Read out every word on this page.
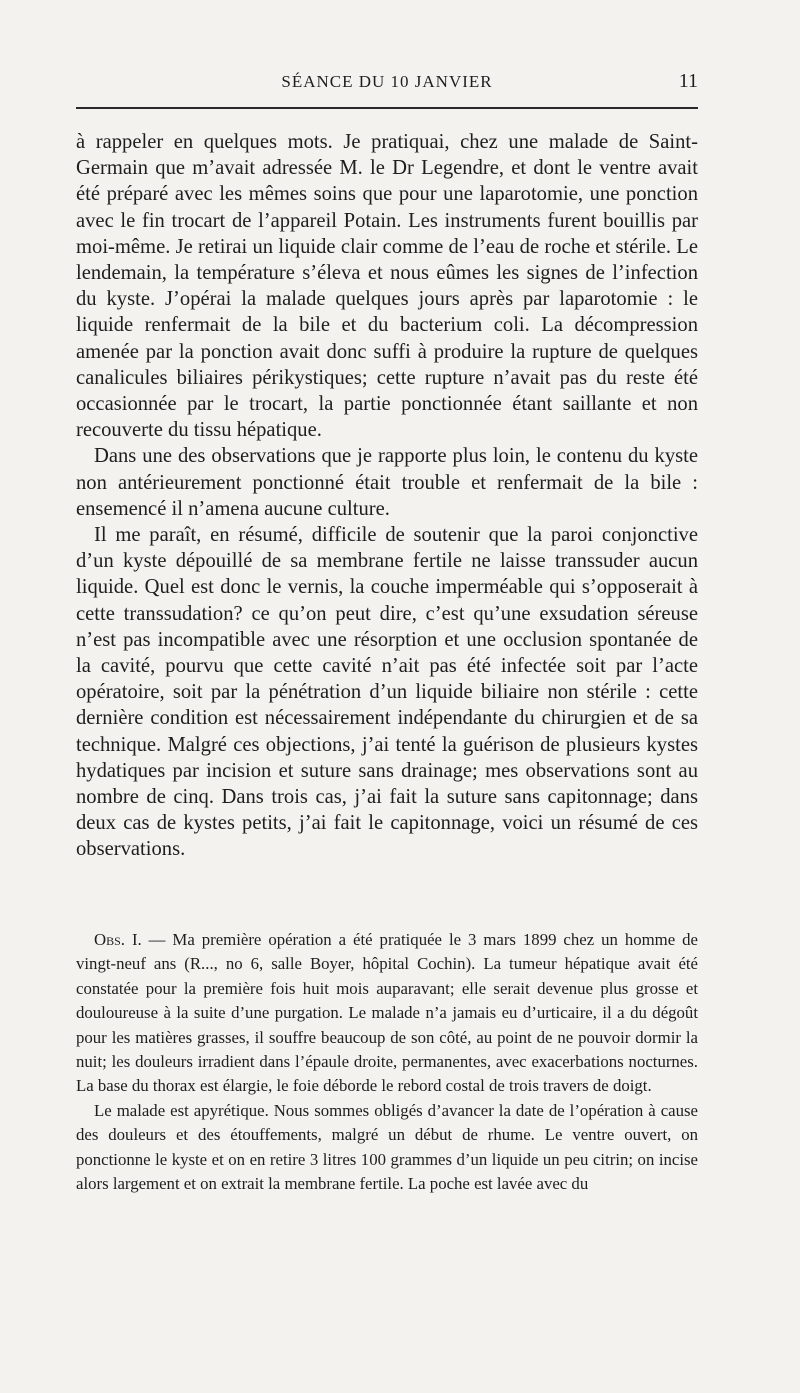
SÉANCE DU 10 JANVIER	11

à rappeler en quelques mots. Je pratiquai, chez une malade de Saint-Germain que m’avait adressée M. le Dr Legendre, et dont le ventre avait été préparé avec les mêmes soins que pour une laparotomie, une ponction avec le fin trocart de l’appareil Potain. Les instruments furent bouillis par moi-même. Je retirai un liquide clair comme de l’eau de roche et stérile. Le lendemain, la température s’éleva et nous eûmes les signes de l’infection du kyste. J’opérai la malade quelques jours après par laparotomie : le liquide renfermait de la bile et du bacterium coli. La décompression amenée par la ponction avait donc suffi à produire la rupture de quelques canalicules biliaires périkystiques; cette rupture n’avait pas du reste été occasionnée par le trocart, la partie ponctionnée étant saillante et non recouverte du tissu hépatique.

Dans une des observations que je rapporte plus loin, le contenu du kyste non antérieurement ponctionné était trouble et renfermait de la bile : ensemencé il n’amena aucune culture.

Il me paraît, en résumé, difficile de soutenir que la paroi conjonctive d’un kyste dépouillé de sa membrane fertile ne laisse transsuder aucun liquide. Quel est donc le vernis, la couche imperméable qui s’opposerait à cette transsudation? ce qu’on peut dire, c’est qu’une exsudation séreuse n’est pas incompatible avec une résorption et une occlusion spontanée de la cavité, pourvu que cette cavité n’ait pas été infectée soit par l’acte opératoire, soit par la pénétration d’un liquide biliaire non stérile : cette dernière condition est nécessairement indépendante du chirurgien et de sa technique. Malgré ces objections, j’ai tenté la guérison de plusieurs kystes hydatiques par incision et suture sans drainage; mes observations sont au nombre de cinq. Dans trois cas, j’ai fait la suture sans capitonnage; dans deux cas de kystes petits, j’ai fait le capitonnage, voici un résumé de ces observations.

Obs. I. — Ma première opération a été pratiquée le 3 mars 1899 chez un homme de vingt-neuf ans (R..., no 6, salle Boyer, hôpital Cochin). La tumeur hépatique avait été constatée pour la première fois huit mois auparavant; elle serait devenue plus grosse et douloureuse à la suite d’une purgation. Le malade n’a jamais eu d’urticaire, il a du dégoût pour les matières grasses, il souffre beaucoup de son côté, au point de ne pouvoir dormir la nuit; les douleurs irradient dans l’épaule droite, permanentes, avec exacerbations nocturnes. La base du thorax est élargie, le foie déborde le rebord costal de trois travers de doigt.

Le malade est apyrétique. Nous sommes obligés d’avancer la date de l’opération à cause des douleurs et des étouffements, malgré un début de rhume. Le ventre ouvert, on ponctionne le kyste et on en retire 3 litres 100 grammes d’un liquide un peu citrin; on incise alors largement et on extrait la membrane fertile. La poche est lavée avec du
